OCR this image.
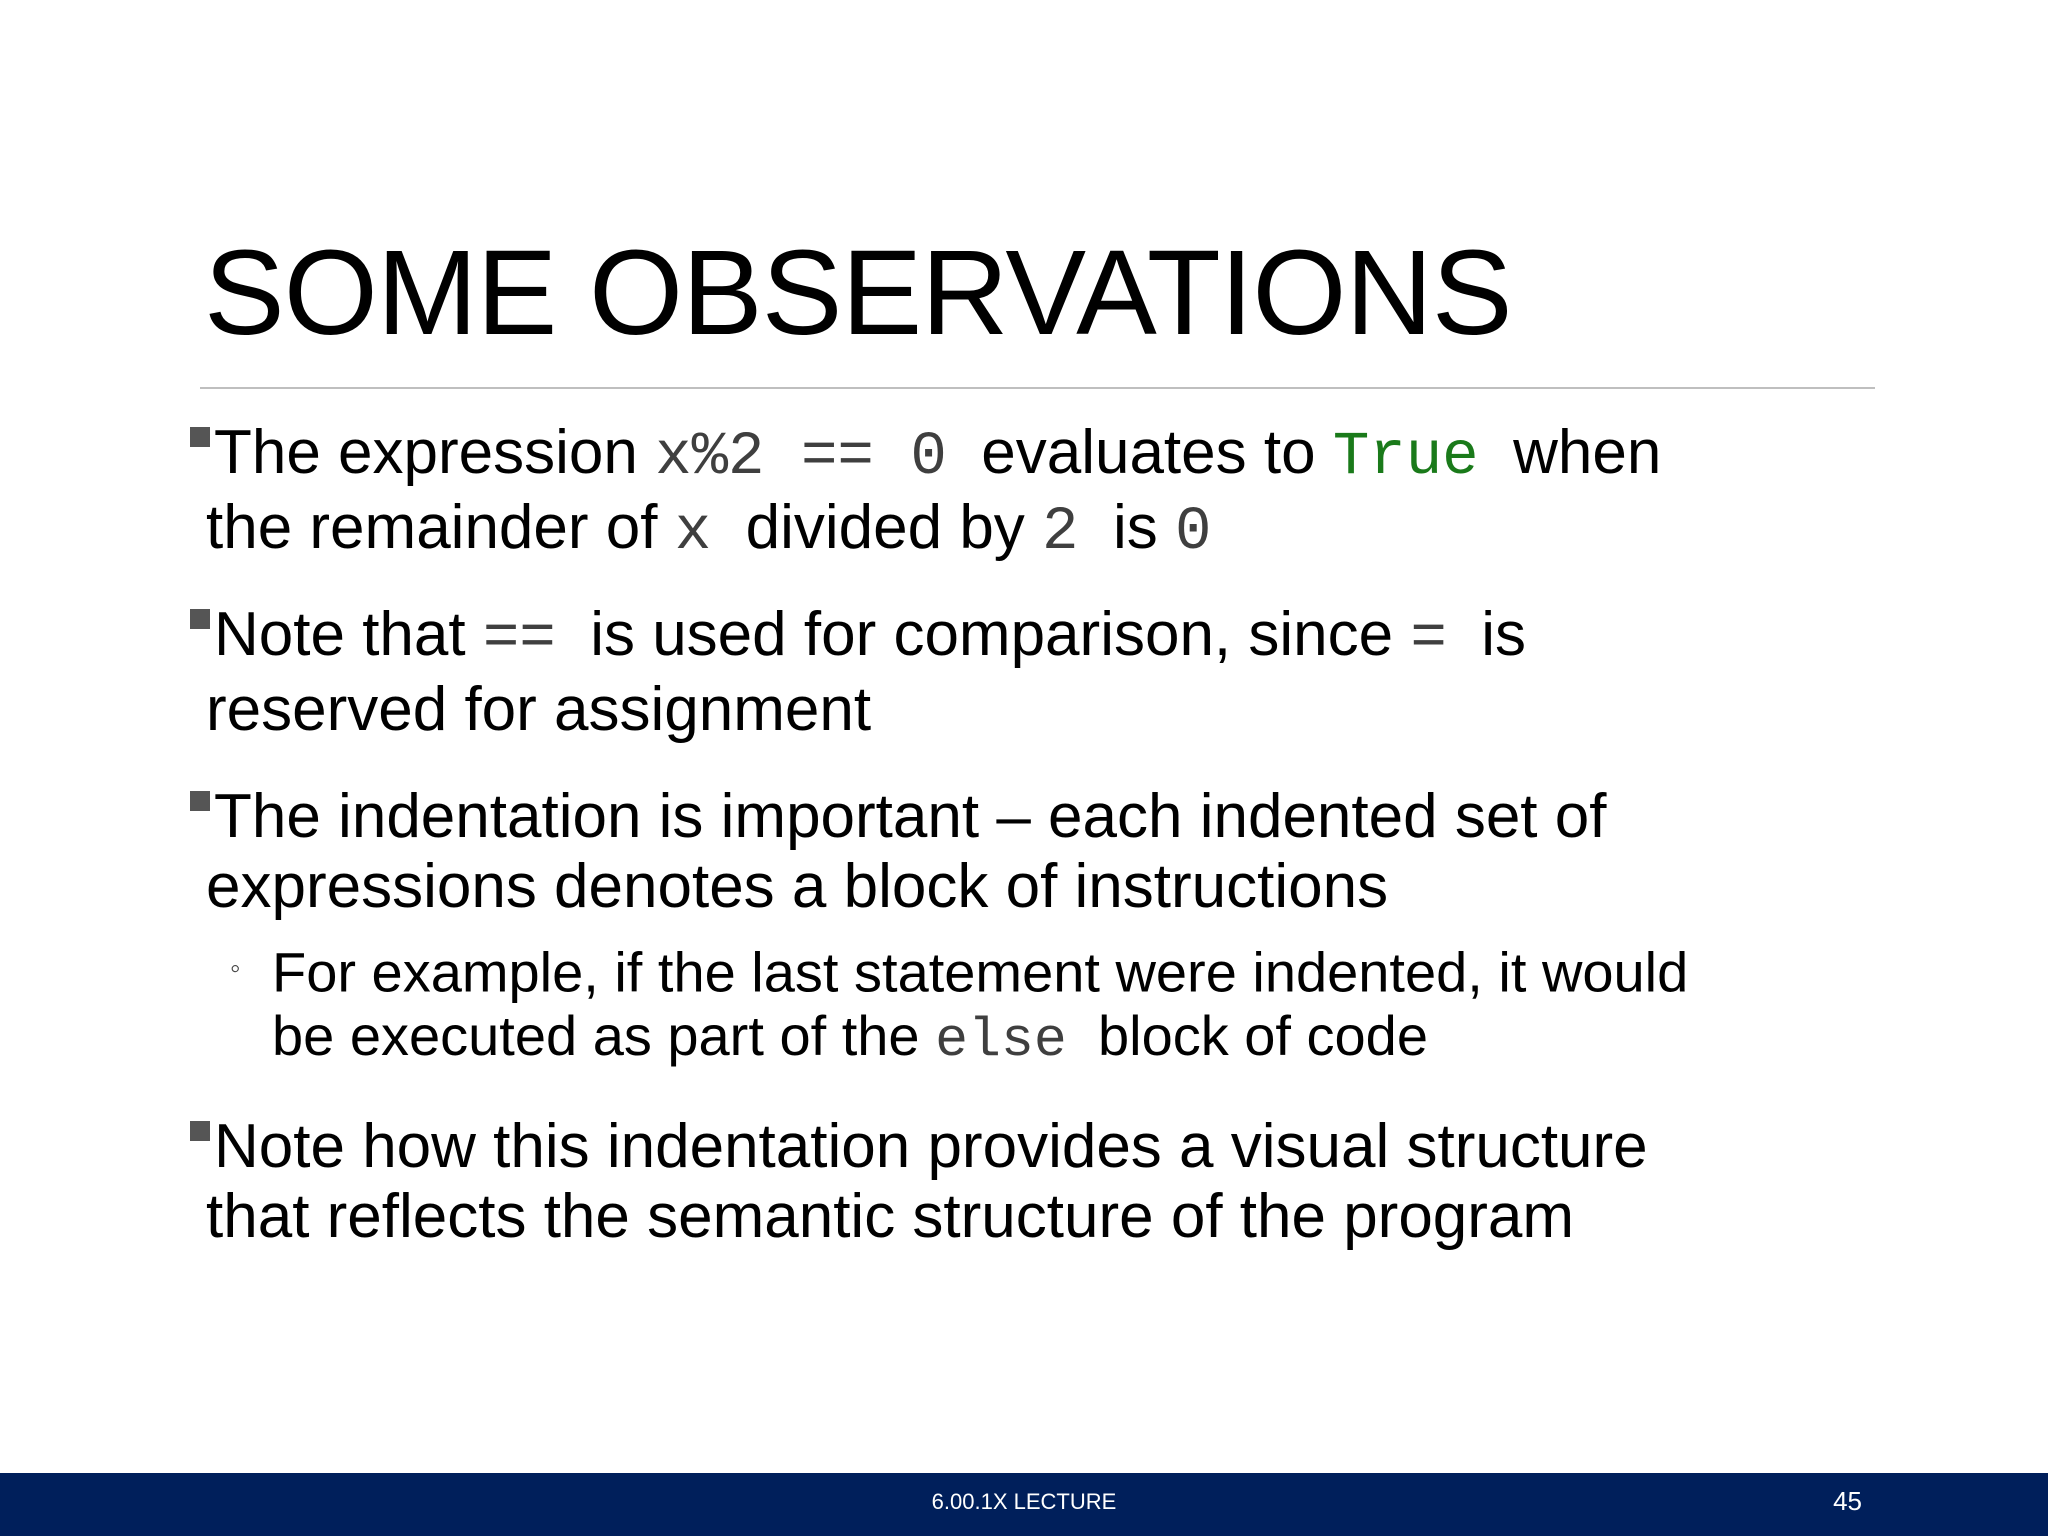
SOME OBSERVATIONS
The expression x%2 == 0  evaluates to True  when
the remainder of x  divided by 2  is 0
Note that ==  is used for comparison, since =  is
reserved for assignment
The indentation is important – each indented set of
expressions denotes a block of instructions
◦ For example, if the last statement were indented, it would
be executed as part of the else  block of code
Note how this indentation provides a visual structure
that reflects the semantic structure of the program
6.00.1X LECTURE	45
